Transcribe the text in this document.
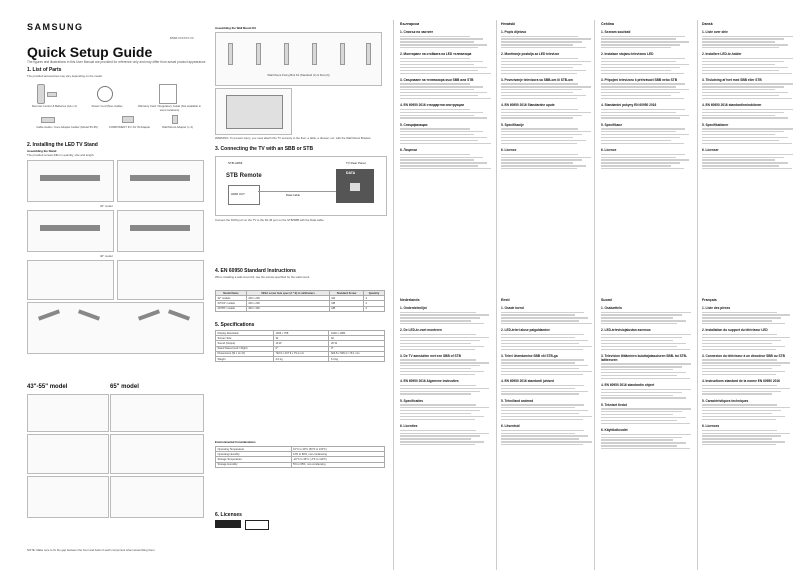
SAMSUNG
BN68-XXXXXX-XX
Quick Setup Guide
The figures and illustrations in this User Manual are provided for reference only and may differ from actual product appearance.
1. List of Parts
The provided accessories may vary depending on the model.
Remote Control & Batteries (AA x 2)	Power Cord (Non-Cable)	Warranty Card / Regulatory Guide (Not available in some locations)
Cable Guide / Core Adapter Holder (Model 50-65)	COMPONENT IN / AV IN Adapter	Wall Mount Adapter (x 4)
Assembling the Wall Mount Kit
Wall Mount Fixing Bolt Kit (Standard (4) & Flat (4))
WARNING: To prevent injury, you must attach this TV securely to the floor, a table, a dresser, etc. with the Wall Mount Bracket.
2. Installing the LED TV Stand
Assembling the Stand
The provided screws differ in quantity, size and length.
32" model
40" model
43"-55" model	65" model
NOTE: Make sure to fix the gap between the front and back of each component when assembling them.
3. Connecting the TV with an SBB or STB
STB HDMI
STB Remote
TV Rear Panel
HDMI OUT
DATA
Data Cable
Connect the DATA port on the TV to the RJ-45 port on the STB/SBB with the Data cable.
4. EN 60950 Standard Instructions
When installing a wall-mount kit, use the screws specified for the wall-mount.
Model Name	VESA screw hole spec (A * B) in millimeters	Standard Screw	Quantity
32" models	200 x 200	M4	4
40"/43" models	200 x 200	M8	4
49"/55" models	300 x 300	M8	4
5. Specifications
Display Resolution	1366 x 768	1920 x 1080
Screen Size	32	40
Sound (Output)	10 W	20 W
Stand Swivel (Left / Right)	0°	0°
Dimensions (W x H x D)	732.6 x 437.9 x 79.1 mm	924.8 x 528.4 x 79.1 mm
Weight	4.0 kg	6.3 kg
Environmental Considerations
Operating Temperature	10°C to 40°C (50°F to 104°F)
Operating Humidity	10% to 80%, non-condensing
Storage Temperature	-20°C to 45°C (-4°F to 113°F)
Storage Humidity	5% to 95%, non-condensing
6. Licenses
Български
1. Списък на частите
2. Монтиране на стойката на LED телевизора
3. Свързване на телевизора към SBB или STB
4. EN 60950 2016 стандартни инструкции
5. Спецификации
6. Лицензи
Hrvatski
1. Popis dijelova
2. Montiranje postolja za LED televizor
3. Povezivanje televizora sa SBB-om ili STB-om
4. EN 60950 2016 Standardne upute
5. Specifikacije
6. Licence
Čeština
1. Seznam součástí
2. Instalace stojanu televizoru LED
3. Připojení televizoru k přehrávači SBB nebo STB
4. Standardní pokyny EN 60950 2016
5. Specifikace
6. Licence
Dansk
1. Liste over dele
2. Installere LED-tv-holder
3. Tilslutning af tvet med SBB eller STB
4. EN 60950 2016 standardinstruktioner
5. Specifikationer
6. Licenser
Nederlands
1. Onderdelenlijst
2. De LED-tv-voet monteren
3. De TV aansluiten met een SBB of STB
4. EN 60950 2016 Algemene instructies
5. Specificaties
6. Licenties
Eesti
1. Osade loend
2. LED-teleri aluse paigaldamine
3. Teleri ühendamine SBB või STB-ga
4. EN 60950 2016 standardi juhised
5. Tehnilised andmed
6. Litsentsid
Suomi
1. Osaluettelo
2. LED-televisiojalustan asennus
3. Television liittäminen kuluttajatasoiseen SBB- tai STB-laitteeseen
4. EN 60950 2016 standardin ohjeet
5. Tekniset tiedot
6. Käyttöoikeudet
Français
1. Liste des pièces
2. Installation du support du téléviseur LED
3. Connexion du téléviseur à un décodeur SBB ou STB
4. Instructions standard de la norme EN 60950 2016
5. Caractéristiques techniques
6. Licences
